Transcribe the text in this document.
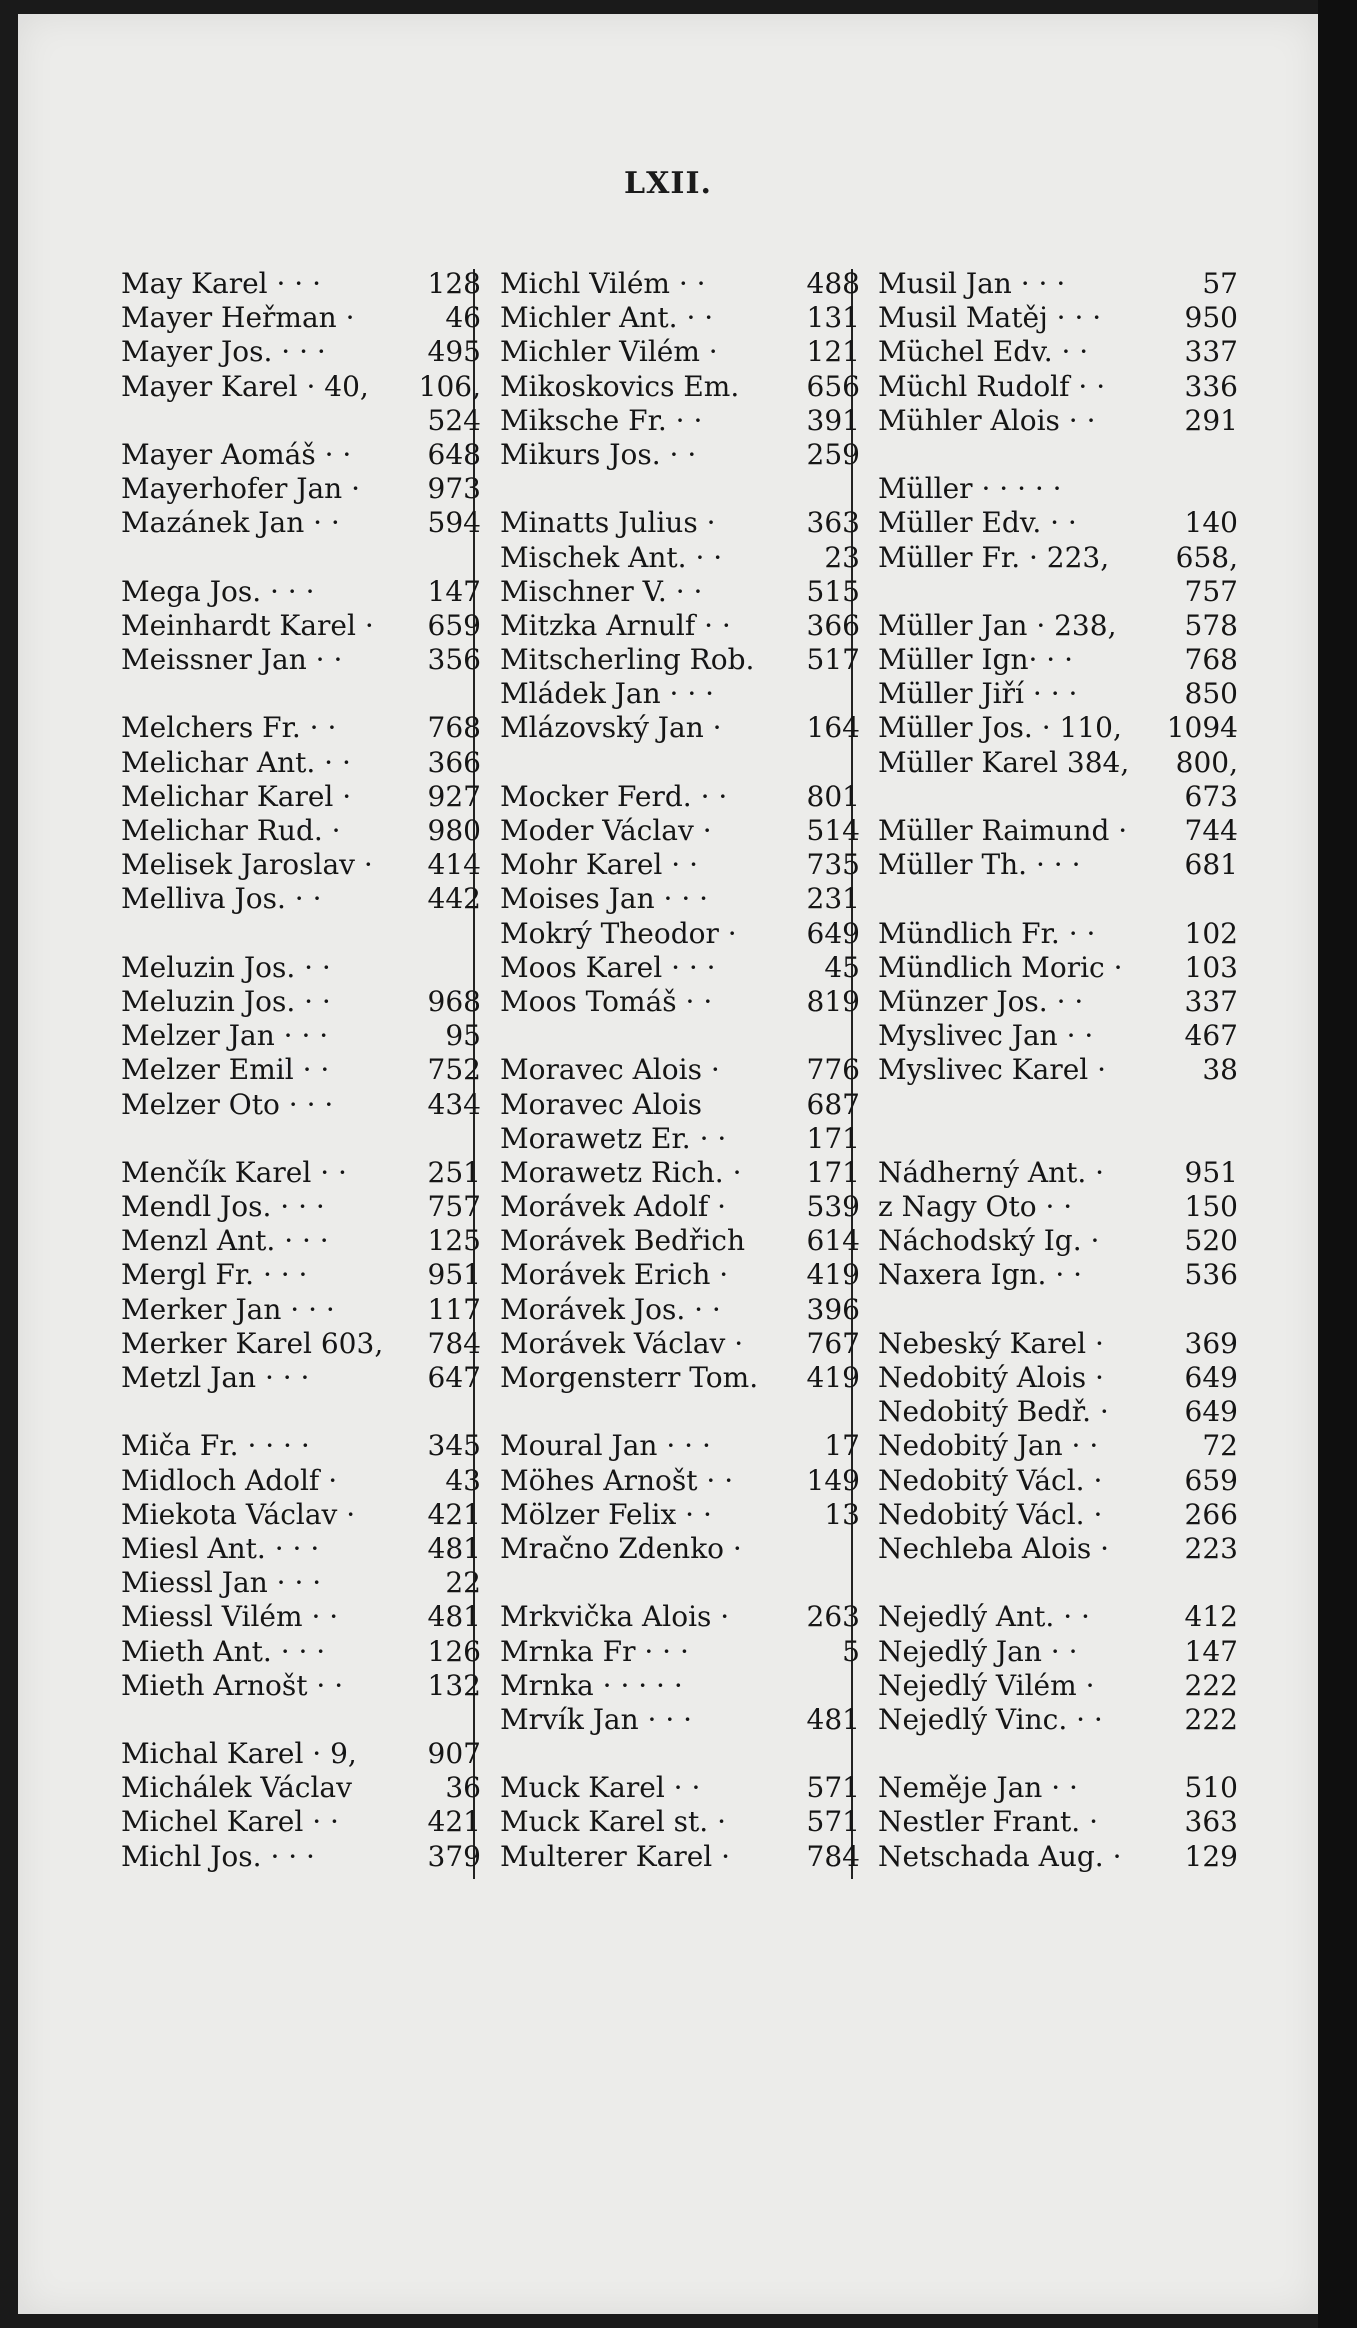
LXII.
May Karel · · ·	128
Mayer Heřman ·	46
Mayer Jos. · · ·	495
Mayer Karel · 40, 106,
524
Mayer Aomáš · ·	648
Mayerhofer Jan · 973
Mazánek Jan · ·	594
Mega Jos. · · ·	147
Meinhardt Karel · 659
Meissner Jan · ·	356
Melchers Fr. · ·	768
Melichar Ant. · ·	366
Melichar Karel ·	927
Melichar Rud. ·	980
Melisek Jaroslav · 414
Melliva Jos. · ·	442
Meluzin Jos. · ·
Meluzin Jos. · ·	968
Melzer Jan · · ·	95
Melzer Emil · ·	752
Melzer Oto · · ·	434
Menčík Karel · ·	251
Mendl Jos. · · ·	757
Menzl Ant. · · ·	125
Mergl Fr. · · ·	951
Merker Jan · · ·	117
Merker Karel 603, 784
Metzl Jan · · ·	647
Miča Fr. · · · ·	345
Midloch Adolf ·	43
Miekota Václav ·	421
Miesl Ant. · · ·	481
Miessl Jan · · ·	22
Miessl Vilém · ·	481
Mieth Ant. · · ·	126
Mieth Arnošt · ·	132
Michal Karel · 9,	907
Michálek Václav	36
Michel Karel · ·	421
Michl Jos. · · ·	379
Michl Vilém · ·	488
Michler Ant. · ·	131
Michler Vilém ·	121
Mikoskovics Em. 656
Miksche Fr. · ·	391
Mikurs Jos. · ·	259
Minatts Julius ·	363
Mischek Ant. · ·	23
Mischner V. · ·	515
Mitzka Arnulf · ·	366
Mitscherling Rob. 517
Mládek Jan · · ·
Mlázovský Jan ·	164
Mocker Ferd. · ·	801
Moder Václav ·	514
Mohr Karel · ·	735
Moises Jan · · ·	231
Mokrý Theodor · 649
Moos Karel · · ·	45
Moos Tomáš · ·	819
Moravec Alois ·	776
Moravec Alois	687
Morawetz Er. · ·	171
Morawetz Rich. · 171
Morávek Adolf ·	539
Morávek Bedřich 614
Morávek Erich ·	419
Morávek Jos. · ·	396
Morávek Václav · 767
Morgensterr Tom. 419
Moural Jan · · ·	17
Möhes Arnošt · ·	149
Mölzer Felix · ·	13
Mračno Zdenko ·
Mrkvička Alois ·	263
Mrnka Fr · · ·	5
Mrnka · · · · ·
Mrvík Jan · · ·	481
Muck Karel · ·	571
Muck Karel st. ·	571
Multerer Karel ·	784
Musil Jan · · ·	57
Musil Matěj · · ·	950
Müchel Edv. · ·	337
Müchl Rudolf · ·	336
Mühler Alois · ·	291
Müller · · · · ·
Müller Edv. · ·	140
Müller Fr. · 223, 658,
757
Müller Jan · 238, 578
Müller Ign· · ·	768
Müller Jiří · · ·	850
Müller Jos. · 110, 1094
Müller Karel 384, 800,
673
Müller Raimund · 744
Müller Th. · · ·	681
Mündlich Fr. · ·	102
Mündlich Moric · 103
Münzer Jos. · ·	337
Myslivec Jan · ·	467
Myslivec Karel ·	38
Nádherný Ant. ·	951
z Nagy Oto · ·	150
Náchodský Ig. ·	520
Naxera Ign. · ·	536
Nebeský Karel ·	369
Nedobitý Alois ·	649
Nedobitý Bedř. ·	649
Nedobitý Jan · ·	72
Nedobitý Václ. ·	659
Nedobitý Václ. ·	266
Nechleba Alois ·	223
Nejedlý Ant. · ·	412
Nejedlý Jan · ·	147
Nejedlý Vilém ·	222
Nejedlý Vinc. · ·	222
Neměje Jan · ·	510
Nestler Frant. ·	363
Netschada Aug. · 129
